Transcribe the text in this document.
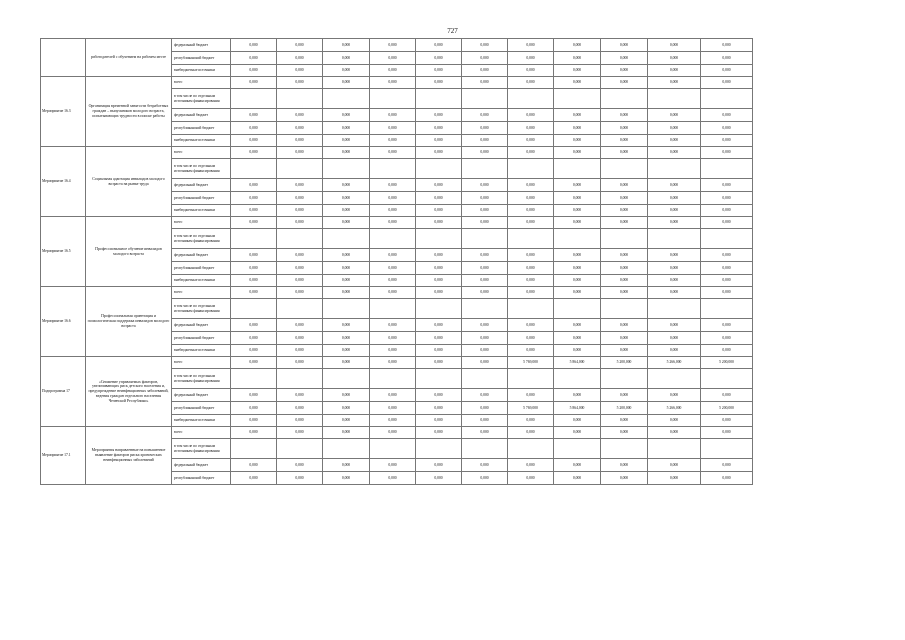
727
	работодателей с обучением на рабочем месте	федеральный бюджет	0,000	0,000	0,000	0,000	0,000	0,000	0,000	0,000	0,000	0,000	0,000
		республиканский бюджет	0,000	0,000	0,000	0,000	0,000	0,000	0,000	0,000	0,000	0,000	0,000
		внебюджетные источники	0,000	0,000	0,000	0,000	0,000	0,000	0,000	0,000	0,000	0,000	0,000
Мероприятие 16.3	Организация временной занятости безработных граждан – выпускников молодого возраста, испытывающих трудности в поиске работы	всего	0,000	0,000	0,000	0,000	0,000	0,000	0,000	0,000	0,000	0,000	0,000
		в том числе по отдельным источникам финансирования											
		федеральный бюджет	0,000	0,000	0,000	0,000	0,000	0,000	0,000	0,000	0,000	0,000	0,000
		республиканский бюджет	0,000	0,000	0,000	0,000	0,000	0,000	0,000	0,000	0,000	0,000	0,000
		внебюджетные источники	0,000	0,000	0,000	0,000	0,000	0,000	0,000	0,000	0,000	0,000	0,000
Мероприятие 16.4	Социальная адаптация инвалидов молодого возраста на рынке труда	всего	0,000	0,000	0,000	0,000	0,000	0,000	0,000	0,000	0,000	0,000	0,000
		в том числе по отдельным источникам финансирования											
		федеральный бюджет	0,000	0,000	0,000	0,000	0,000	0,000	0,000	0,000	0,000	0,000	0,000
		республиканский бюджет	0,000	0,000	0,000	0,000	0,000	0,000	0,000	0,000	0,000	0,000	0,000
		внебюджетные источники	0,000	0,000	0,000	0,000	0,000	0,000	0,000	0,000	0,000	0,000	0,000
Мероприятие 16.5	Профессиональное обучение инвалидов молодого возраста	всего	0,000	0,000	0,000	0,000	0,000	0,000	0,000	0,000	0,000	0,000	0,000
		в том числе по отдельным источникам финансирования											
		федеральный бюджет	0,000	0,000	0,000	0,000	0,000	0,000	0,000	0,000	0,000	0,000	0,000
		республиканский бюджет	0,000	0,000	0,000	0,000	0,000	0,000	0,000	0,000	0,000	0,000	0,000
		внебюджетные источники	0,000	0,000	0,000	0,000	0,000	0,000	0,000	0,000	0,000	0,000	0,000
Мероприятие 16.6	Профессиональная ориентация и психологическая поддержка инвалидов молодого возраста	всего	0,000	0,000	0,000	0,000	0,000	0,000	0,000	0,000	0,000	0,000	0,000
		в том числе по отдельным источникам финансирования											
		федеральный бюджет	0,000	0,000	0,000	0,000	0,000	0,000	0,000	0,000	0,000	0,000	0,000
		республиканский бюджет	0,000	0,000	0,000	0,000	0,000	0,000	0,000	0,000	0,000	0,000	0,000
		внебюджетные источники	0,000	0,000	0,000	0,000	0,000	0,000	0,000	0,000	0,000	0,000	0,000
Подпрограмма 17	«Снижение управляемых факторов, увеличивающих риск детского населения и, предупреждение неинфекционных заболеваний, ведения граждан отдельного населения Чеченской Республики»	всего	0,000	0,000	0,000	0,000	0,000	0,000	5 769,000	5 864,000	5 200,000	5 266,000	5 200,000
		в том числе по отдельным источникам финансирования											
		федеральный бюджет	0,000	0,000	0,000	0,000	0,000	0,000	0,000	0,000	0,000	0,000	0,000
		республиканский бюджет	0,000	0,000	0,000	0,000	0,000	0,000	5 769,000	5 864,000	5 200,000	5 266,000	5 200,000
		внебюджетные источники	0,000	0,000	0,000	0,000	0,000	0,000	0,000	0,000	0,000	0,000	0,000
Мероприятие 17.1	Мероприятия направленные на повышенное выявление факторов риска хронических неинфекционных заболеваний	всего	0,000	0,000	0,000	0,000	0,000	0,000	0,000	0,000	0,000	0,000	0,000
		в том числе по отдельным источникам финансирования											
		федеральный бюджет	0,000	0,000	0,000	0,000	0,000	0,000	0,000	0,000	0,000	0,000	0,000
		республиканский бюджет	0,000	0,000	0,000	0,000	0,000	0,000	0,000	0,000	0,000	0,000	0,000
